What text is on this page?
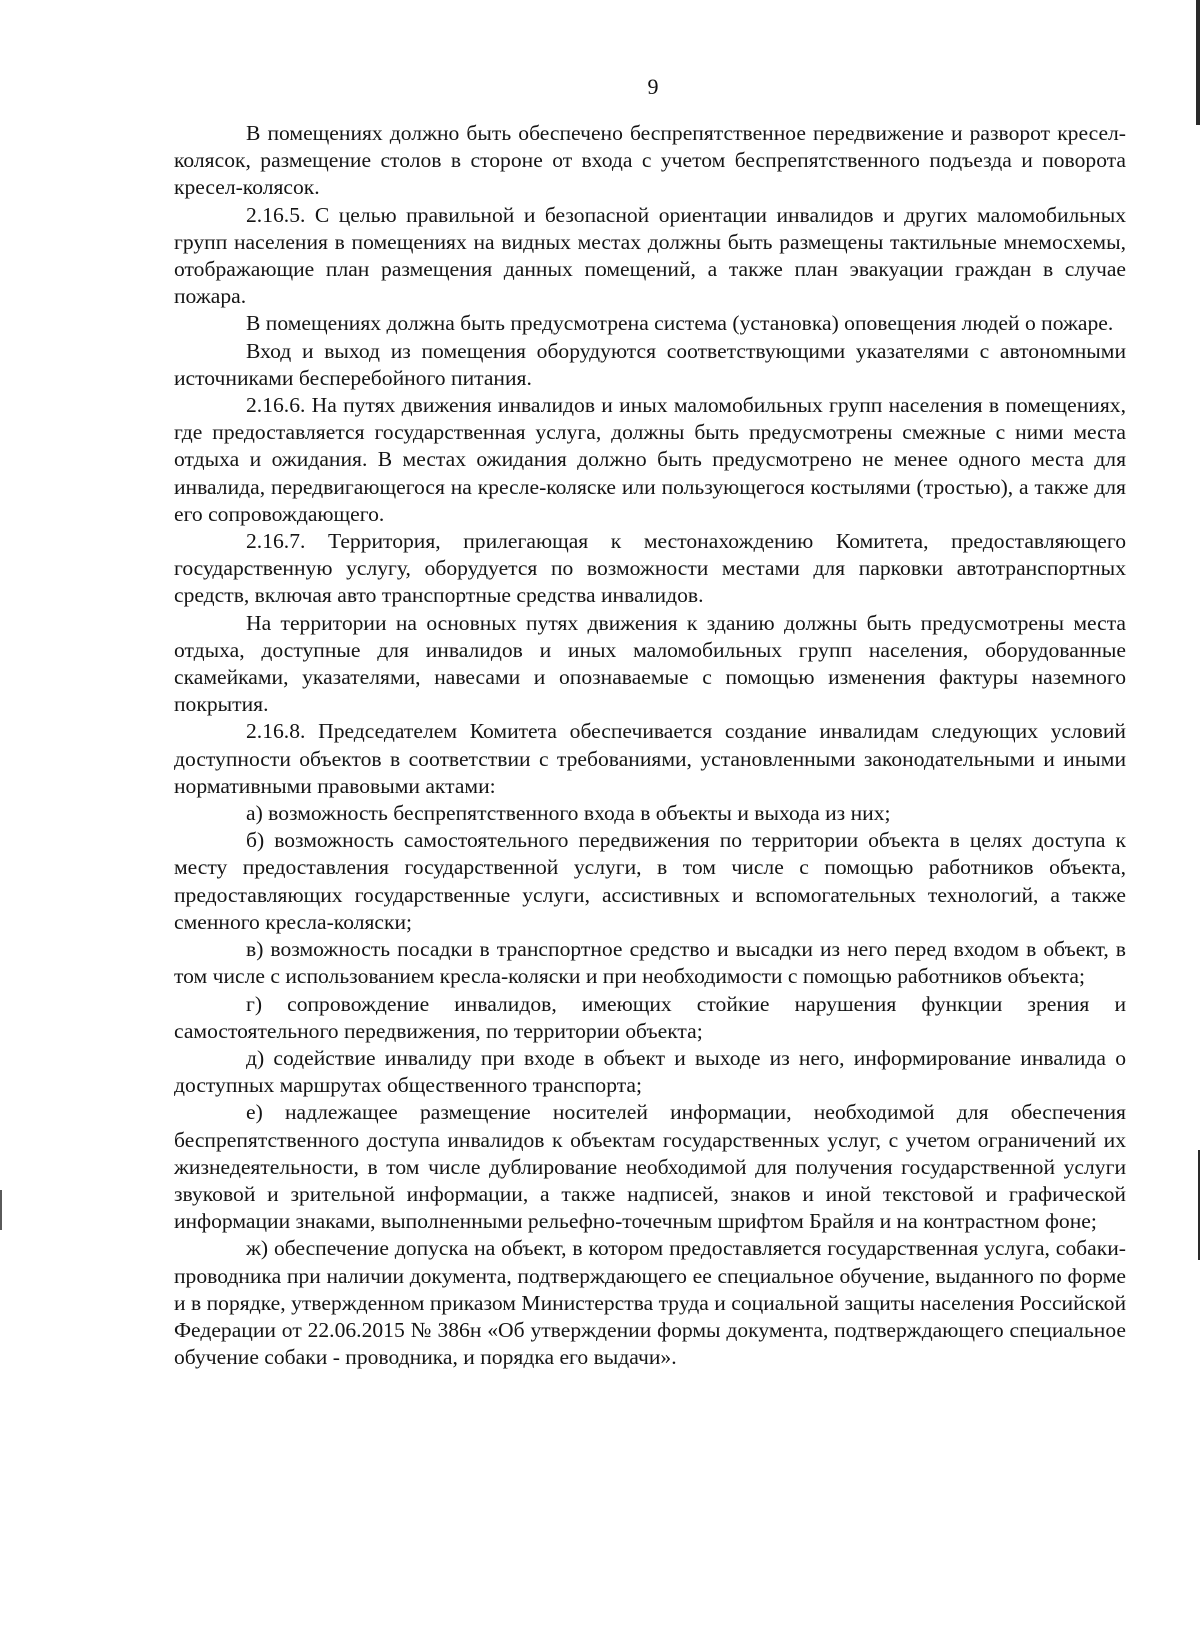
9

В помещениях должно быть обеспечено беспрепятственное передвижение и разворот кресел-колясок, размещение столов в стороне от входа с учетом беспрепятственного подъезда и поворота кресел-колясок.

2.16.5. С целью правильной и безопасной ориентации инвалидов и других маломобильных групп населения в помещениях на видных местах должны быть размещены тактильные мнемосхемы, отображающие план размещения данных помещений, а также план эвакуации граждан в случае пожара.

В помещениях должна быть предусмотрена система (установка) оповещения людей о пожаре.

Вход и выход из помещения оборудуются соответствующими указателями с автономными источниками бесперебойного питания.

2.16.6. На путях движения инвалидов и иных маломобильных групп населения в помещениях, где предоставляется государственная услуга, должны быть предусмотрены смежные с ними места отдыха и ожидания. В местах ожидания должно быть предусмотрено не менее одного места для инвалида, передвигающегося на кресле-коляске или пользующегося костылями (тростью), а также для его сопровождающего.

2.16.7. Территория, прилегающая к местонахождению Комитета, предоставляющего государственную услугу, оборудуется по возможности местами для парковки автотранспортных средств, включая авто транспортные средства инвалидов.

На территории на основных путях движения к зданию должны быть предусмотрены места отдыха, доступные для инвалидов и иных маломобильных групп населения, оборудованные скамейками, указателями, навесами и опознаваемые с помощью изменения фактуры наземного покрытия.

2.16.8. Председателем Комитета обеспечивается создание инвалидам следующих условий доступности объектов в соответствии с требованиями, установленными законодательными и иными нормативными правовыми актами:

а) возможность беспрепятственного входа в объекты и выхода из них;

б) возможность самостоятельного передвижения по территории объекта в целях доступа к месту предоставления государственной услуги, в том числе с помощью работников объекта, предоставляющих государственные услуги, ассистивных и вспомогательных технологий, а также сменного кресла-коляски;

в) возможность посадки в транспортное средство и высадки из него перед входом в объект, в том числе с использованием кресла-коляски и при необходимости с помощью работников объекта;

г) сопровождение инвалидов, имеющих стойкие нарушения функции зрения и самостоятельного передвижения, по территории объекта;

д) содействие инвалиду при входе в объект и выходе из него, информирование инвалида о доступных маршрутах общественного транспорта;

е) надлежащее размещение носителей информации, необходимой для обеспечения беспрепятственного доступа инвалидов к объектам государственных услуг, с учетом ограничений их жизнедеятельности, в том числе дублирование необходимой для получения государственной услуги звуковой и зрительной информации, а также надписей, знаков и иной текстовой и графической информации знаками, выполненными рельефно-точечным шрифтом Брайля и на контрастном фоне;

ж) обеспечение допуска на объект, в котором предоставляется государственная услуга, собаки-проводника при наличии документа, подтверждающего ее специальное обучение, выданного по форме и в порядке, утвержденном приказом Министерства труда и социальной защиты населения Российской Федерации от 22.06.2015 № 386н «Об утверждении формы документа, подтверждающего специальное обучение собаки - проводника, и порядка его выдачи».
